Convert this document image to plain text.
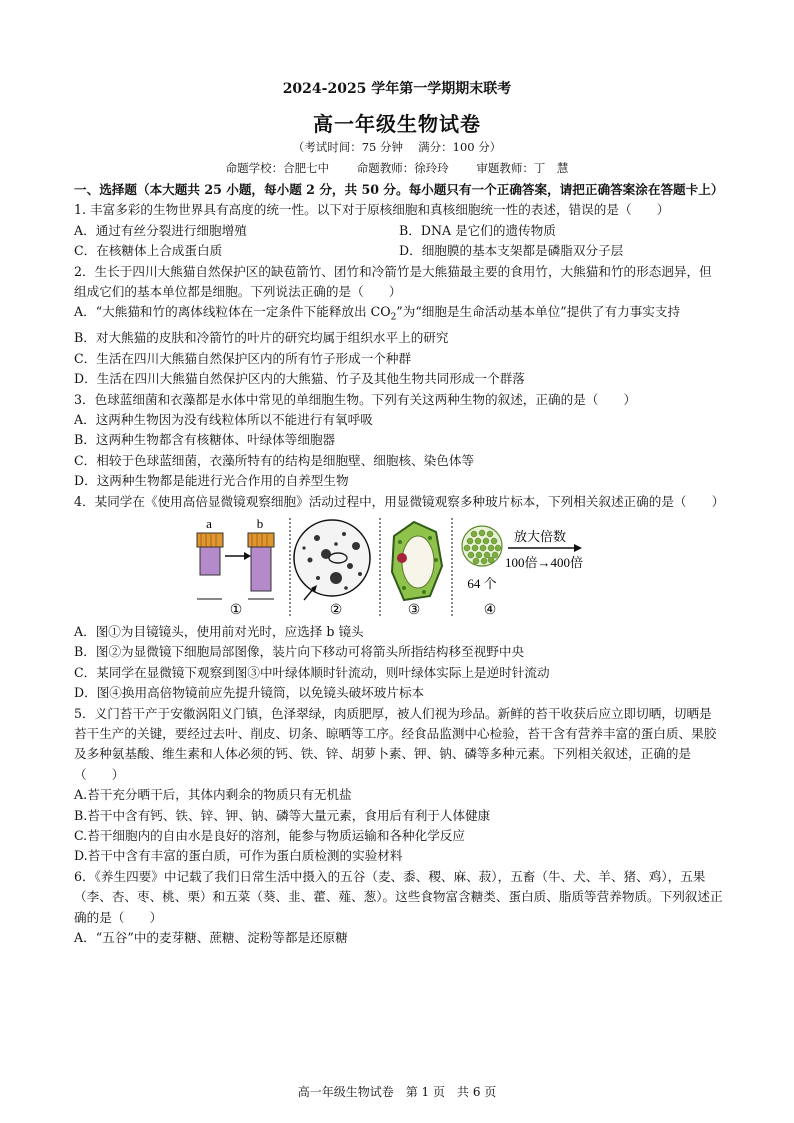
2024-2025 学年第一学期期末联考
高一年级生物试卷
（考试时间：75 分钟　 满分：100 分）
命题学校：合肥七中 命题教师：徐玲玲 审题教师：丁　慧

一、选择题（本大题共 25 小题，每小题 2 分，共 50 分。每小题只有一个正确答案，请把正确答案涂在答题卡上）

1. 丰富多彩的生物世界具有高度的统一性。以下对于原核细胞和真核细胞统一性的表述，错误的是（　　）

A．通过有丝分裂进行细胞增殖	B．DNA 是它们的遗传物质
C．在核糖体上合成蛋白质	D．细胞膜的基本支架都是磷脂双分子层

2．生长于四川大熊猫自然保护区的缺苞箭竹、团竹和冷箭竹是大熊猫最主要的食用竹，大熊猫和竹的形态迥异，但组成它们的基本单位都是细胞。下列说法正确的是（　　）

A．“大熊猫和竹的离体线粒体在一定条件下能释放出 $CO_2$”为“细胞是生命活动基本单位”提供了有力事实支持

B．对大熊猫的皮肤和冷箭竹的叶片的研究均属于组织水平上的研究

C．生活在四川大熊猫自然保护区内的所有竹子形成一个种群

D．生活在四川大熊猫自然保护区内的大熊猫、竹子及其他生物共同形成一个群落

3．色球蓝细菌和衣藻都是水体中常见的单细胞生物。下列有关这两种生物的叙述，正确的是（　　）

A．这两种生物因为没有线粒体所以不能进行有氧呼吸

B．这两种生物都含有核糖体、叶绿体等细胞器

C．相较于色球蓝细菌，衣藻所特有的结构是细胞壁、细胞核、染色体等

D．这两种生物都是能进行光合作用的自养型生物

4．某同学在《使用高倍显微镜观察细胞》活动过程中，用显微镜观察多种玻片标本，下列相关叙述正确的是（　　）

a	b
①	②	③
64 个
放大倍数
100倍→400倍
④

A．图①为目镜镜头，使用前对光时，应选择 b 镜头

B．图②为显微镜下细胞局部图像，装片向下移动可将箭头所指结构移至视野中央

C．某同学在显微镜下观察到图③中叶绿体顺时针流动，则叶绿体实际上是逆时针流动

D．图④换用高倍物镜前应先提升镜筒，以免镜头破坏玻片标本

5．义门苔干产于安徽涡阳义门镇，色泽翠绿，肉质肥厚，被人们视为珍品。新鲜的苔干收获后应立即切晒，切晒是苔干生产的关键，要经过去叶、削皮、切条、晾晒等工序。经食品监测中心检验，苔干含有营养丰富的蛋白质、果胶及多种氨基酸、维生素和人体必须的钙、铁、锌、胡萝卜素、钾、钠、磷等多种元素。下列相关叙述，正确的是（　　）

A.苔干充分晒干后，其体内剩余的物质只有无机盐

B.苔干中含有钙、铁、锌、钾、钠、磷等大量元素，食用后有利于人体健康

C.苔干细胞内的自由水是良好的溶剂，能参与物质运输和各种化学反应

D.苔干中含有丰富的蛋白质，可作为蛋白质检测的实验材料

6．《养生四要》中记载了我们日常生活中摄入的五谷（麦、黍、稷、麻、菽），五畜（牛、犬、羊、猪、鸡），五果（李、杏、枣、桃、栗）和五菜（葵、韭、藿、薤、葱）。这些食物富含糖类、蛋白质、脂质等营养物质。下列叙述正确的是（　　）

A．“五谷”中的麦芽糖、蔗糖、淀粉等都是还原糖

高一年级生物试卷　第 1 页　共 6 页
